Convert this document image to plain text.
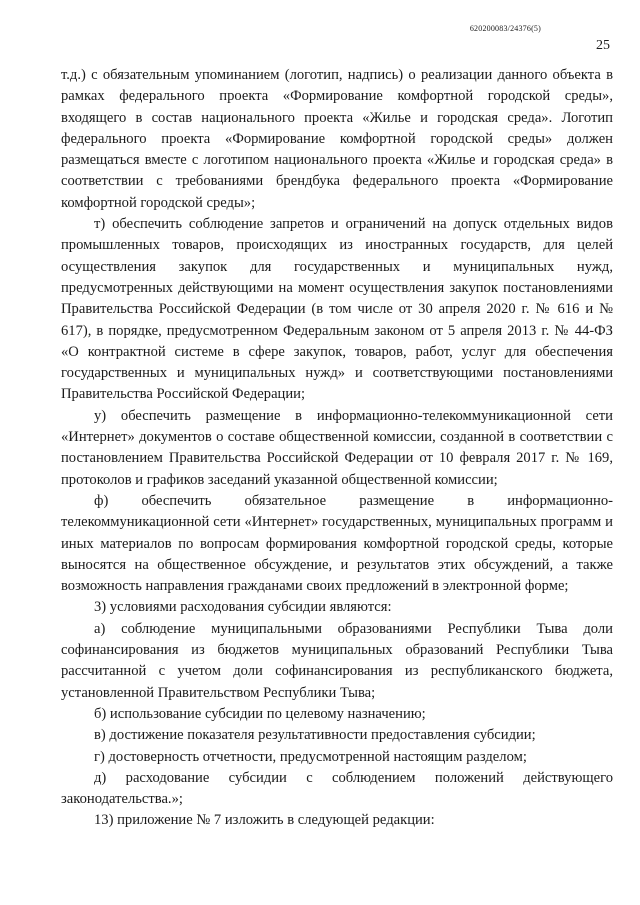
620200083/24376(5)
25

т.д.) с обязательным упоминанием (логотип, надпись) о реализации данного объекта в рамках федерального проекта «Формирование комфортной городской среды», входящего в состав национального проекта «Жилье и городская среда». Логотип федерального проекта «Формирование комфортной городской среды» должен размещаться вместе с логотипом национального проекта «Жилье и городская среда» в соответствии с требованиями брендбука федерального проекта «Формирование комфортной городской среды»;

т) обеспечить соблюдение запретов и ограничений на допуск отдельных видов промышленных товаров, происходящих из иностранных государств, для целей осуществления закупок для государственных и муниципальных нужд, предусмотренных действующими на момент осуществления закупок постановлениями Правительства Российской Федерации (в том числе от 30 апреля 2020 г. № 616 и № 617), в порядке, предусмотренном Федеральным законом от 5 апреля 2013 г. № 44-ФЗ «О контрактной системе в сфере закупок, товаров, работ, услуг для обеспечения государственных и муниципальных нужд» и соответствующими постановлениями Правительства Российской Федерации;

у) обеспечить размещение в информационно-телекоммуникационной сети «Интернет» документов о составе общественной комиссии, созданной в соответствии с постановлением Правительства Российской Федерации от 10 февраля 2017 г. № 169, протоколов и графиков заседаний указанной общественной комиссии;

ф) обеспечить обязательное размещение в информационно-телекоммуникационной сети «Интернет» государственных, муниципальных программ и иных материалов по вопросам формирования комфортной городской среды, которые выносятся на общественное обсуждение, и результатов этих обсуждений, а также возможность направления гражданами своих предложений в электронной форме;

3) условиями расходования субсидии являются:

а) соблюдение муниципальными образованиями Республики Тыва доли софинансирования из бюджетов муниципальных образований Республики Тыва рассчитанной с учетом доли софинансирования из республиканского бюджета, установленной Правительством Республики Тыва;

б) использование субсидии по целевому назначению;

в) достижение показателя результативности предоставления субсидии;

г) достоверность отчетности, предусмотренной настоящим разделом;

д) расходование субсидии с соблюдением положений действующего законодательства.»;

13) приложение № 7 изложить в следующей редакции:
